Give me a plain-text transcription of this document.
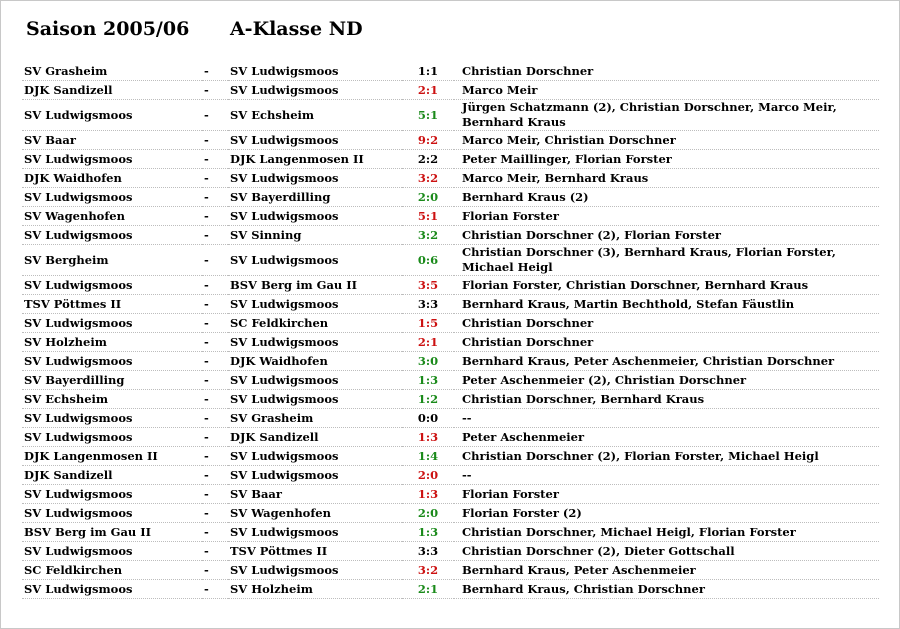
Saison 2005/06 A-Klasse ND
SV Grasheim	-	SV Ludwigsmoos	1:1	Christian Dorschner
DJK Sandizell	-	SV Ludwigsmoos	2:1	Marco Meir
SV Ludwigsmoos	-	SV Echsheim	5:1	Jürgen Schatzmann (2), Christian Dorschner, Marco Meir, Bernhard Kraus
SV Baar	-	SV Ludwigsmoos	9:2	Marco Meir, Christian Dorschner
SV Ludwigsmoos	-	DJK Langenmosen II	2:2	Peter Maillinger, Florian Forster
DJK Waidhofen	-	SV Ludwigsmoos	3:2	Marco Meir, Bernhard Kraus
SV Ludwigsmoos	-	SV Bayerdilling	2:0	Bernhard Kraus (2)
SV Wagenhofen	-	SV Ludwigsmoos	5:1	Florian Forster
SV Ludwigsmoos	-	SV Sinning	3:2	Christian Dorschner (2), Florian Forster
SV Bergheim	-	SV Ludwigsmoos	0:6	Christian Dorschner (3), Bernhard Kraus, Florian Forster, Michael Heigl
SV Ludwigsmoos	-	BSV Berg im Gau II	3:5	Florian Forster, Christian Dorschner, Bernhard Kraus
TSV Pöttmes II	-	SV Ludwigsmoos	3:3	Bernhard Kraus, Martin Bechthold, Stefan Fäustlin
SV Ludwigsmoos	-	SC Feldkirchen	1:5	Christian Dorschner
SV Holzheim	-	SV Ludwigsmoos	2:1	Christian Dorschner
SV Ludwigsmoos	-	DJK Waidhofen	3:0	Bernhard Kraus, Peter Aschenmeier, Christian Dorschner
SV Bayerdilling	-	SV Ludwigsmoos	1:3	Peter Aschenmeier (2), Christian Dorschner
SV Echsheim	-	SV Ludwigsmoos	1:2	Christian Dorschner, Bernhard Kraus
SV Ludwigsmoos	-	SV Grasheim	0:0	--
SV Ludwigsmoos	-	DJK Sandizell	1:3	Peter Aschenmeier
DJK Langenmosen II	-	SV Ludwigsmoos	1:4	Christian Dorschner (2), Florian Forster, Michael Heigl
DJK Sandizell	-	SV Ludwigsmoos	2:0	--
SV Ludwigsmoos	-	SV Baar	1:3	Florian Forster
SV Ludwigsmoos	-	SV Wagenhofen	2:0	Florian Forster (2)
BSV Berg im Gau II	-	SV Ludwigsmoos	1:3	Christian Dorschner, Michael Heigl, Florian Forster
SV Ludwigsmoos	-	TSV Pöttmes II	3:3	Christian Dorschner (2), Dieter Gottschall
SC Feldkirchen	-	SV Ludwigsmoos	3:2	Bernhard Kraus, Peter Aschenmeier
SV Ludwigsmoos	-	SV Holzheim	2:1	Bernhard Kraus, Christian Dorschner
